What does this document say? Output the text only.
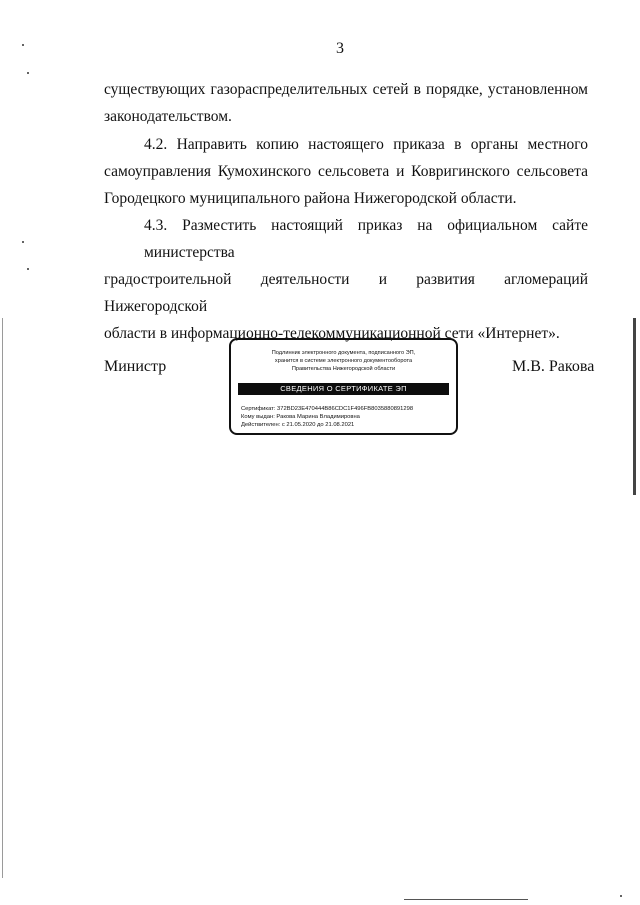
3
существующих газораспределительных сетей в порядке, установленном
законодательством.
4.2. Направить копию настоящего приказа в органы местного
самоуправления Кумохинского сельсовета и Ковригинского сельсовета
Городецкого муниципального района Нижегородской области.
4.3. Разместить настоящий приказ на официальном сайте министерства
градостроительной деятельности и развития агломераций Нижегородской
области в информационно-телекоммуникационной сети «Интернет».
Министр
Подлинник электронного документа, подписанного ЭП,
хранится в системе электронного документооборота
Правительства Нижегородской области
СВЕДЕНИЯ О СЕРТИФИКАТЕ ЭП
Сертификат: 372BD23E470444B86CDC1F496FB8035880891298
Кому выдан: Ракова Марина Владимировна
Действителен: с 21.05.2020 до 21.08.2021
М.В. Ракова
